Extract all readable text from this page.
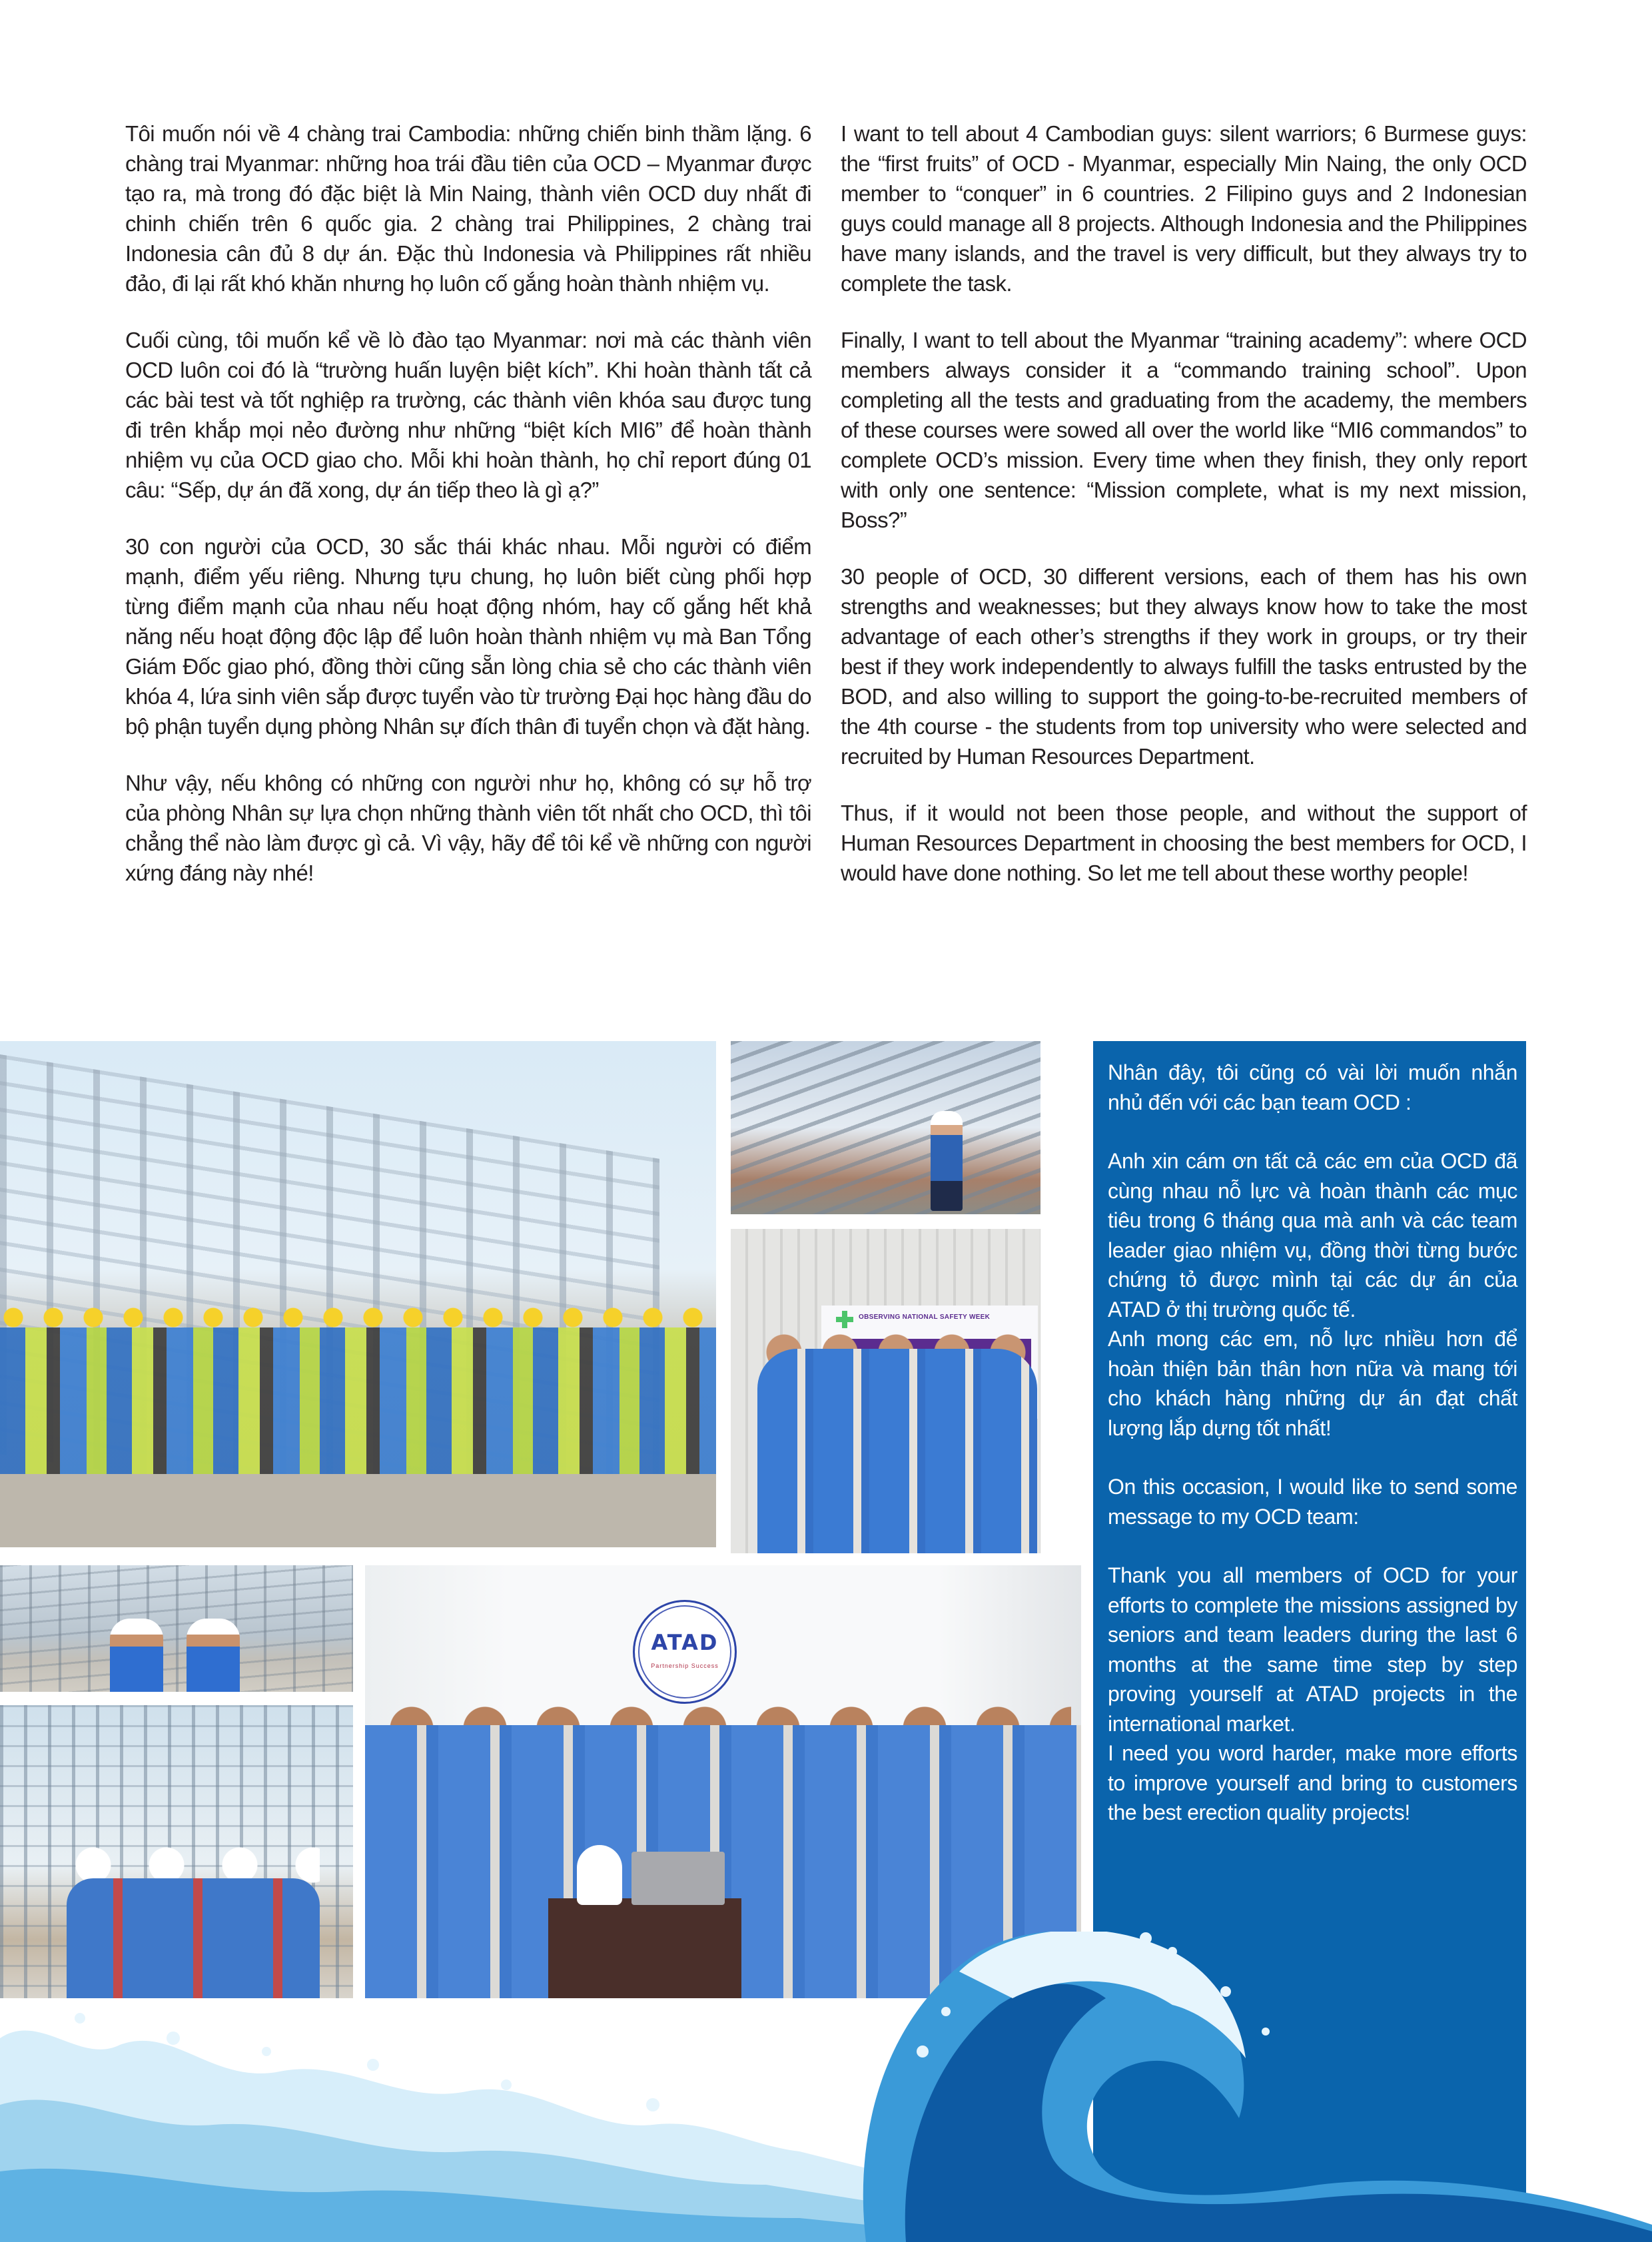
Tôi muốn nói về 4 chàng trai Cambodia: những chiến binh thầm lặng. 6 chàng trai Myanmar: những hoa trái đầu tiên của OCD – Myanmar được tạo ra, mà trong đó đặc biệt là Min Naing, thành viên OCD duy nhất đi chinh chiến trên 6 quốc gia. 2 chàng trai Philippines, 2 chàng trai Indonesia cân đủ 8 dự án. Đặc thù Indonesia và Philippines rất nhiều đảo, đi lại rất khó khăn nhưng họ luôn cố gắng hoàn thành nhiệm vụ.

Cuối cùng, tôi muốn kể về lò đào tạo Myanmar: nơi mà các thành viên OCD luôn coi đó là “trường huấn luyện biệt kích”. Khi hoàn thành tất cả các bài test và tốt nghiệp ra trường, các thành viên khóa sau được tung đi trên khắp mọi nẻo đường như những “biệt kích MI6” để hoàn thành nhiệm vụ của OCD giao cho. Mỗi khi hoàn thành, họ chỉ report đúng 01 câu: “Sếp, dự án đã xong, dự án tiếp theo là gì ạ?”

30 con người của OCD, 30 sắc thái khác nhau. Mỗi người có điểm mạnh, điểm yếu riêng. Nhưng tựu chung, họ luôn biết cùng phối hợp từng điểm mạnh của nhau nếu hoạt động nhóm, hay cố gắng hết khả năng nếu hoạt động độc lập để luôn hoàn thành nhiệm vụ mà Ban Tổng Giám Đốc giao phó, đồng thời cũng sẵn lòng chia sẻ cho các thành viên khóa 4, lứa sinh viên sắp được tuyển vào từ trường Đại học hàng đầu do bộ phận tuyển dụng phòng Nhân sự đích thân đi tuyển chọn và đặt hàng.

Như vậy, nếu không có những con người như họ, không có sự hỗ trợ của phòng Nhân sự lựa chọn những thành viên tốt nhất cho OCD, thì tôi chẳng thể nào làm được gì cả. Vì vậy, hãy để tôi kể về những con người xứng đáng này nhé!

I want to tell about 4 Cambodian guys: silent warriors; 6 Burmese guys: the “first fruits” of OCD - Myanmar, especially Min Naing, the only OCD member to “conquer” in 6 countries. 2 Filipino guys and 2 Indonesian guys could manage all 8 projects. Although Indonesia and the Philippines have many islands, and the travel is very difficult, but they always try to complete the task.

Finally, I want to tell about the Myanmar “training academy”: where OCD members always consider it a “commando training school”. Upon completing all the tests and graduating from the academy, the members of these courses were sowed all over the world like “MI6 commandos” to complete OCD’s mission. Every time when they finish, they only report with only one sentence: “Mission complete, what is my next mission, Boss?”

30 people of OCD, 30 different versions, each of them has his own strengths and weaknesses; but they always know how to take the most advantage of each other’s strengths if they work in groups, or try their best if they work independently to always fulfill the tasks entrusted by the BOD, and also willing to support the going-to-be-recruited members of the 4th course - the students from top university who were selected and recruited by Human Resources Department.

Thus, if it would not been those people, and without the support of Human Resources Department in choosing the best members for OCD, I would have done nothing. So let me tell about these worthy people!

OBSERVING NATIONAL SAFETY WEEK
ATAD
Partnership Success
Nhân đây, tôi cũng có vài lời muốn nhắn nhủ đến với các bạn team OCD :
Anh xin cám ơn tất cả các em của OCD đã cùng nhau nỗ lực và hoàn thành các mục tiêu trong 6 tháng qua mà anh và các team leader giao nhiệm vụ, đồng thời từng bước chứng tỏ được mình tại các dự án của ATAD ở thị trường quốc tế.
Anh mong các em, nỗ lực nhiều hơn để hoàn thiện bản thân hơn nữa và mang tới cho khách hàng những dự án đạt chất lượng lắp dựng tốt nhất!
On this occasion, I would like to send some message to my OCD team:

Thank you all members of OCD for your efforts to complete the missions assigned by seniors and team leaders during the last 6 months at the same time step by step proving yourself at ATAD projects in the international market.

I need you word harder, make more efforts to improve yourself and bring to customers the best erection quality projects!
